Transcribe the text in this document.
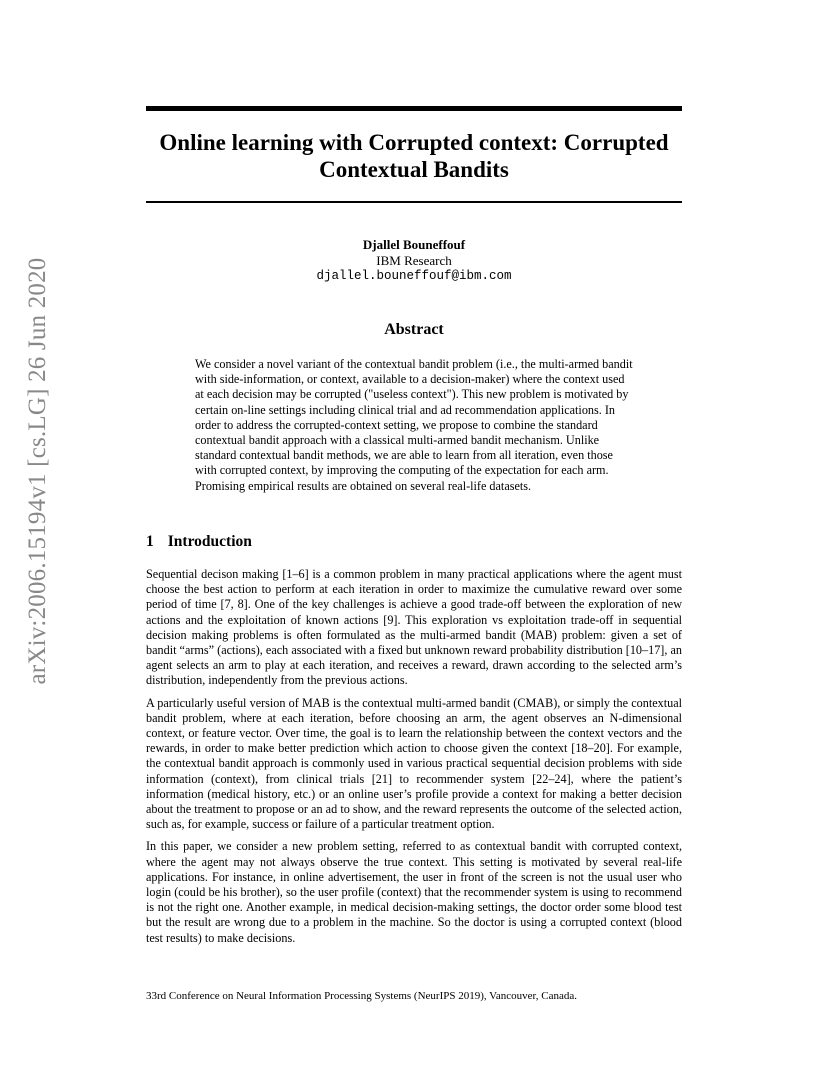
arXiv:2006.15194v1 [cs.LG] 26 Jun 2020
Online learning with Corrupted context: Corrupted
Contextual Bandits
Djallel Bouneffouf
IBM Research
djallel.bouneffouf@ibm.com
Abstract

We consider a novel variant of the contextual bandit problem (i.e., the multi-armed bandit with side-information, or context, available to a decision-maker) where the context used at each decision may be corrupted ("useless context"). This new problem is motivated by certain on-line settings including clinical trial and ad recommendation applications. In order to address the corrupted-context setting, we propose to combine the standard contextual bandit approach with a classical multi-armed bandit mechanism. Unlike standard contextual bandit methods, we are able to learn from all iteration, even those with corrupted context, by improving the computing of the expectation for each arm. Promising empirical results are obtained on several real-life datasets.

1 Introduction

Sequential decison making [1–6] is a common problem in many practical applications where the agent must choose the best action to perform at each iteration in order to maximize the cumulative reward over some period of time [7, 8]. One of the key challenges is achieve a good trade-off between the exploration of new actions and the exploitation of known actions [9]. This exploration vs exploitation trade-off in sequential decision making problems is often formulated as the multi-armed bandit (MAB) problem: given a set of bandit “arms” (actions), each associated with a fixed but unknown reward probability distribution [10–17], an agent selects an arm to play at each iteration, and receives a reward, drawn according to the selected arm’s distribution, independently from the previous actions.

A particularly useful version of MAB is the contextual multi-armed bandit (CMAB), or simply the contextual bandit problem, where at each iteration, before choosing an arm, the agent observes an N-dimensional context, or feature vector. Over time, the goal is to learn the relationship between the context vectors and the rewards, in order to make better prediction which action to choose given the context [18–20]. For example, the contextual bandit approach is commonly used in various practical sequential decision problems with side information (context), from clinical trials [21] to recommender system [22–24], where the patient’s information (medical history, etc.) or an online user’s profile provide a context for making a better decision about the treatment to propose or an ad to show, and the reward represents the outcome of the selected action, such as, for example, success or failure of a particular treatment option.

In this paper, we consider a new problem setting, referred to as contextual bandit with corrupted context, where the agent may not always observe the true context. This setting is motivated by several real-life applications. For instance, in online advertisement, the user in front of the screen is not the usual user who login (could be his brother), so the user profile (context) that the recommender system is using to recommend is not the right one. Another example, in medical decision-making settings, the doctor order some blood test but the result are wrong due to a problem in the machine. So the doctor is using a corrupted context (blood test results) to make decisions.

33rd Conference on Neural Information Processing Systems (NeurIPS 2019), Vancouver, Canada.
